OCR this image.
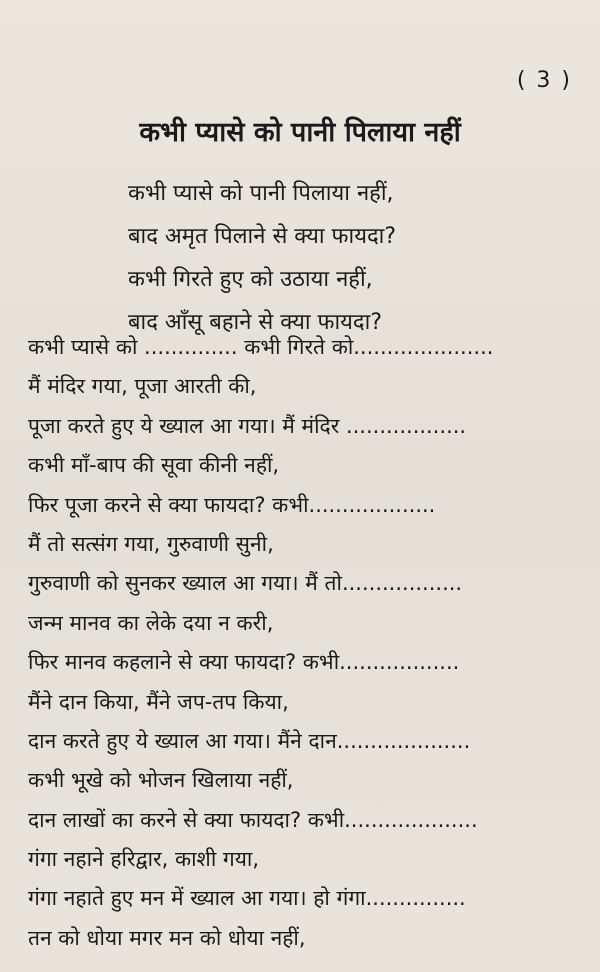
( 3 )
कभी प्यासे को पानी पिलाया नहीं
कभी प्यासे को पानी पिलाया नहीं,
बाद अमृत पिलाने से क्या फायदा?
कभी गिरते हुए को उठाया नहीं,
बाद आँसू बहाने से क्या फायदा?
कभी प्यासे को .............. कभी गिरते को.....................
मैं मंदिर गया, पूजा आरती की,
पूजा करते हुए ये ख्याल आ गया। मैं मंदिर ..................
कभी माँ-बाप की सूवा कीनी नहीं,
फिर पूजा करने से क्या फायदा? कभी...................
मैं तो सत्संग गया, गुरुवाणी सुनी,
गुरुवाणी को सुनकर ख्याल आ गया। मैं तो..................
जन्म मानव का लेके दया न करी,
फिर मानव कहलाने से क्या फायदा? कभी..................
मैंने दान किया, मैंने जप-तप किया,
दान करते हुए ये ख्याल आ गया। मैंने दान....................
कभी भूखे को भोजन खिलाया नहीं,
दान लाखों का करने से क्या फायदा? कभी....................
गंगा नहाने हरिद्वार, काशी गया,
गंगा नहाते हुए मन में ख्याल आ गया। हो गंगा...............
तन को धोया मगर मन को धोया नहीं,
